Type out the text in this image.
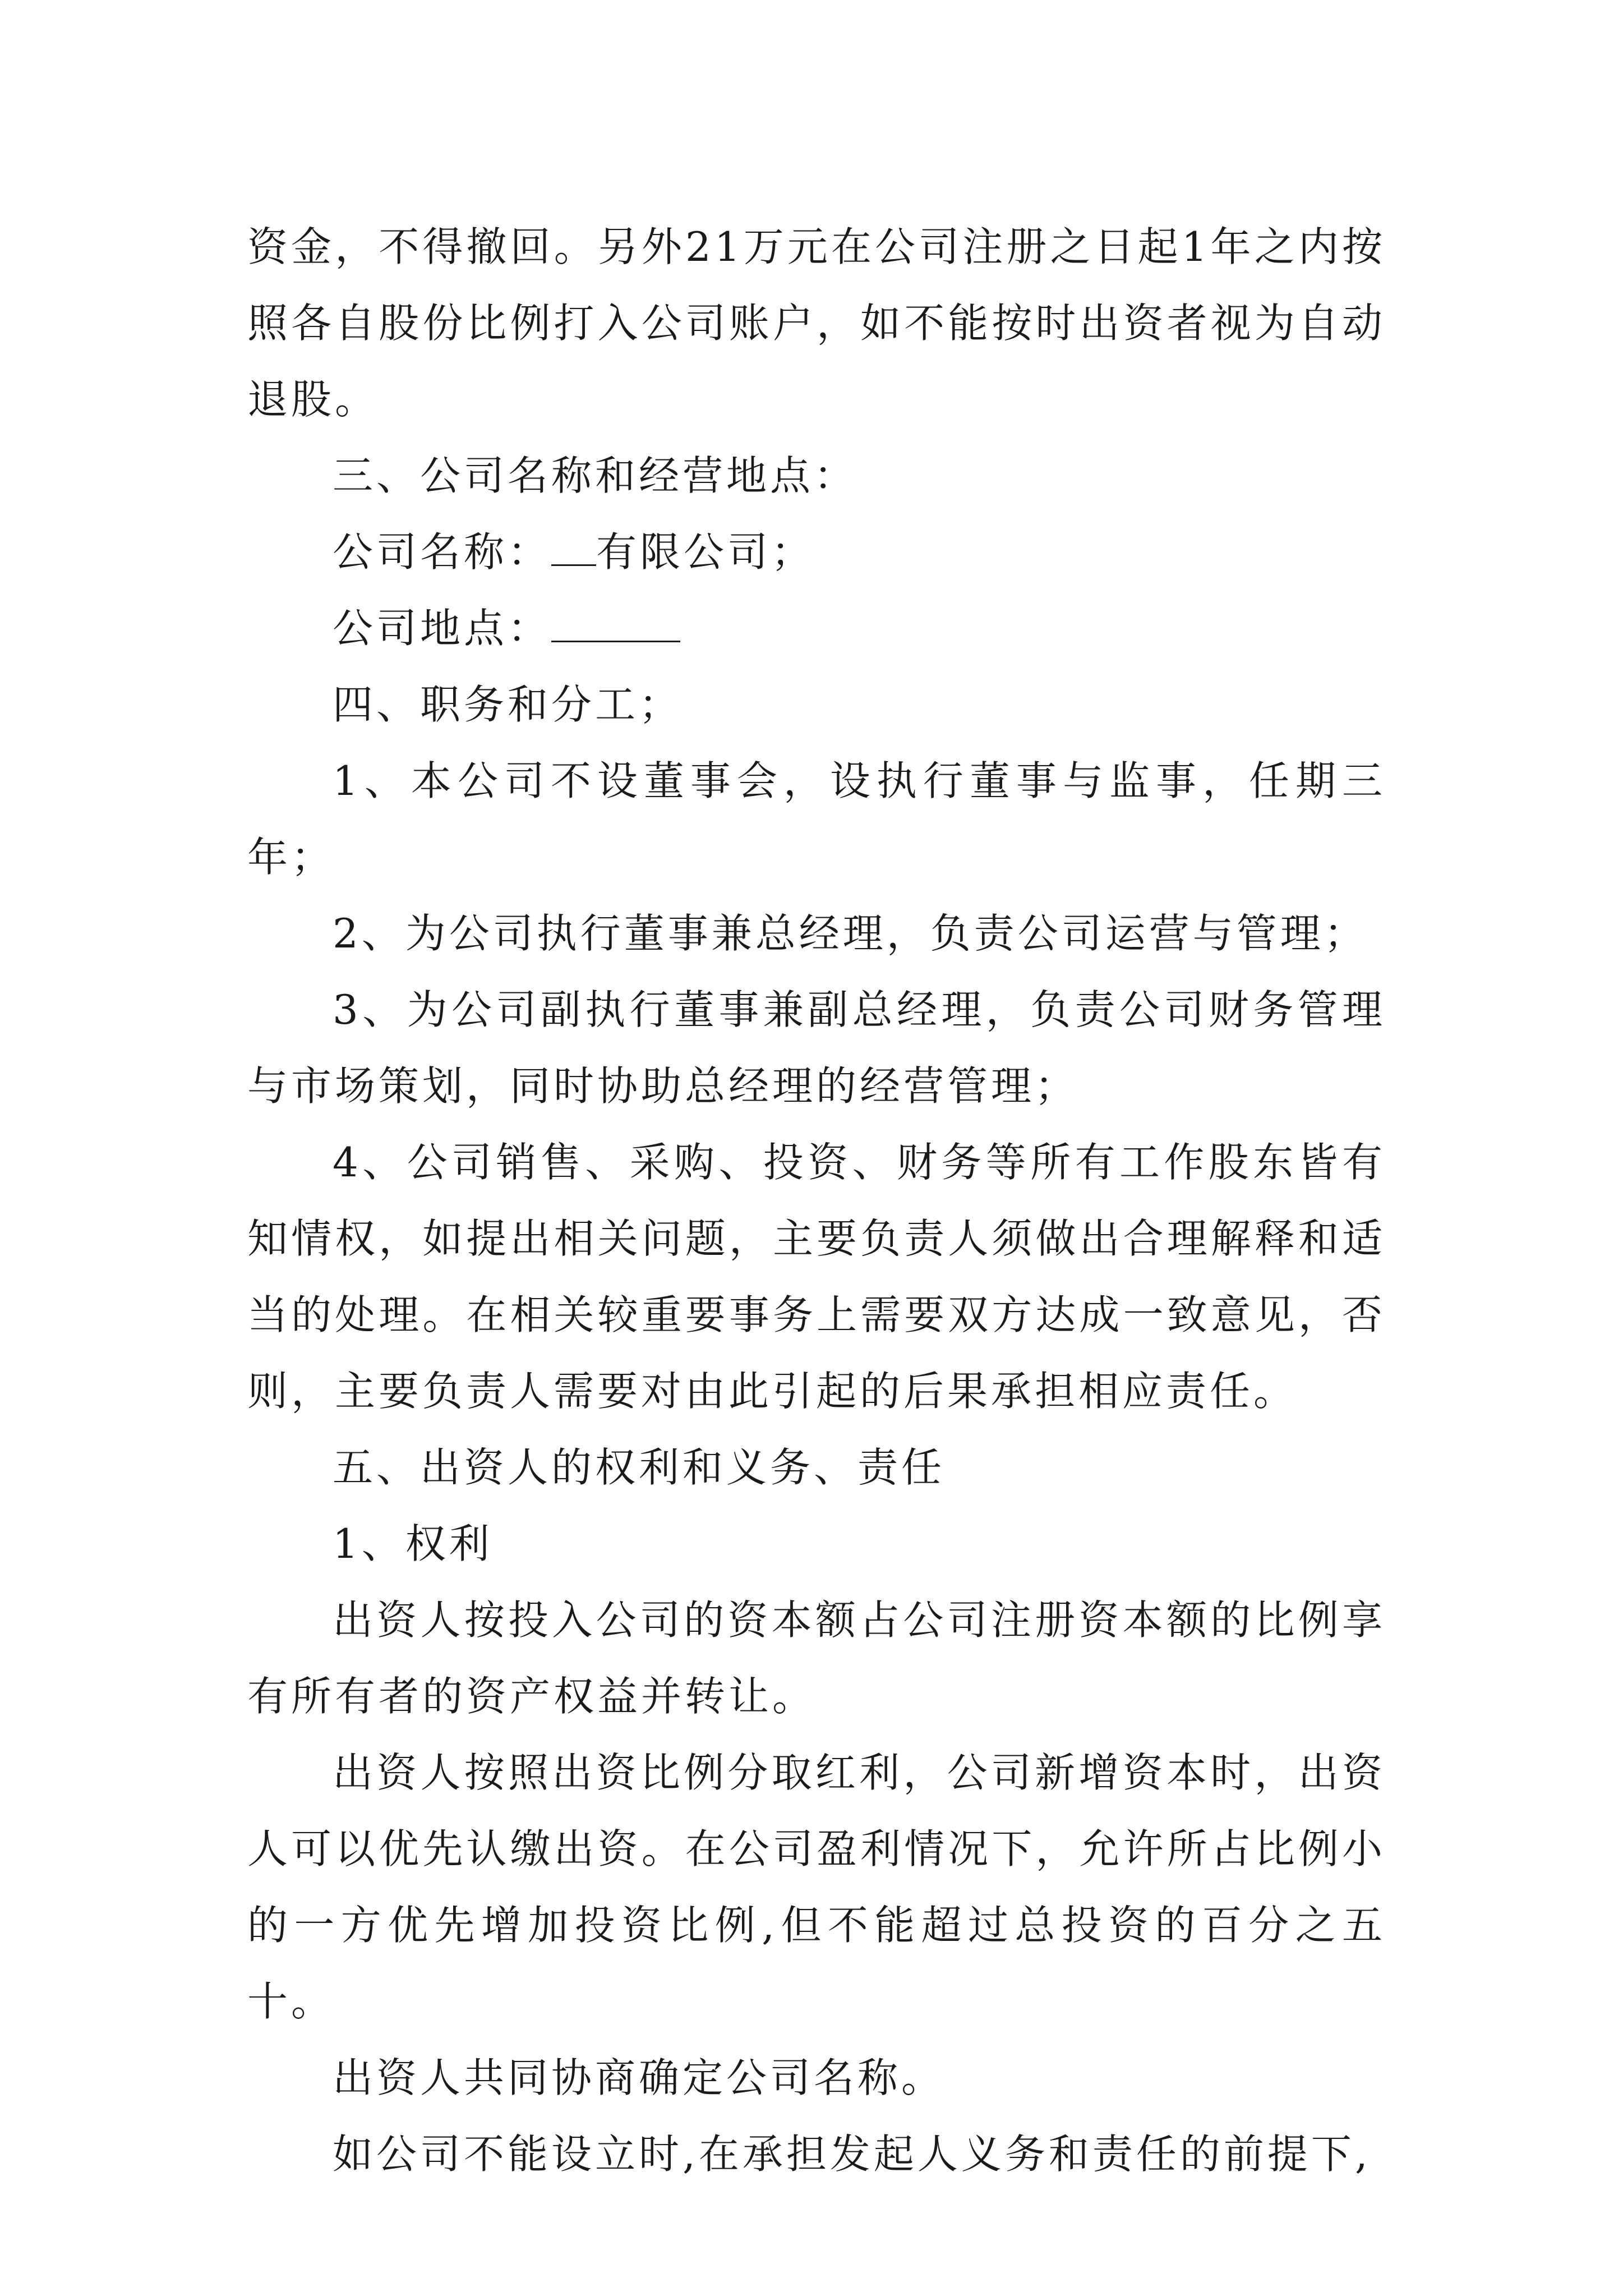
资金，不得撤回。另外21万元在公司注册之日起1年之内按照各自股份比例打入公司账户，如不能按时出资者视为自动退股。

三、公司名称和经营地点：

公司名称： 有限公司；

公司地点：

四、职务和分工；

1、本公司不设董事会，设执行董事与监事，任期三年；

2、为公司执行董事兼总经理，负责公司运营与管理；

3、为公司副执行董事兼副总经理，负责公司财务管理与市场策划，同时协助总经理的经营管理；

4、公司销售、采购、投资、财务等所有工作股东皆有知情权，如提出相关问题，主要负责人须做出合理解释和适当的处理。在相关较重要事务上需要双方达成一致意见，否则，主要负责人需要对由此引起的后果承担相应责任。

五、出资人的权利和义务、责任

1、权利

出资人按投入公司的资本额占公司注册资本额的比例享有所有者的资产权益并转让。

出资人按照出资比例分取红利，公司新增资本时，出资人可以优先认缴出资。在公司盈利情况下，允许所占比例小的一方优先增加投资比例,但不能超过总投资的百分之五十。

出资人共同协商确定公司名称。

如公司不能设立时,在承担发起人义务和责任的前提下,
